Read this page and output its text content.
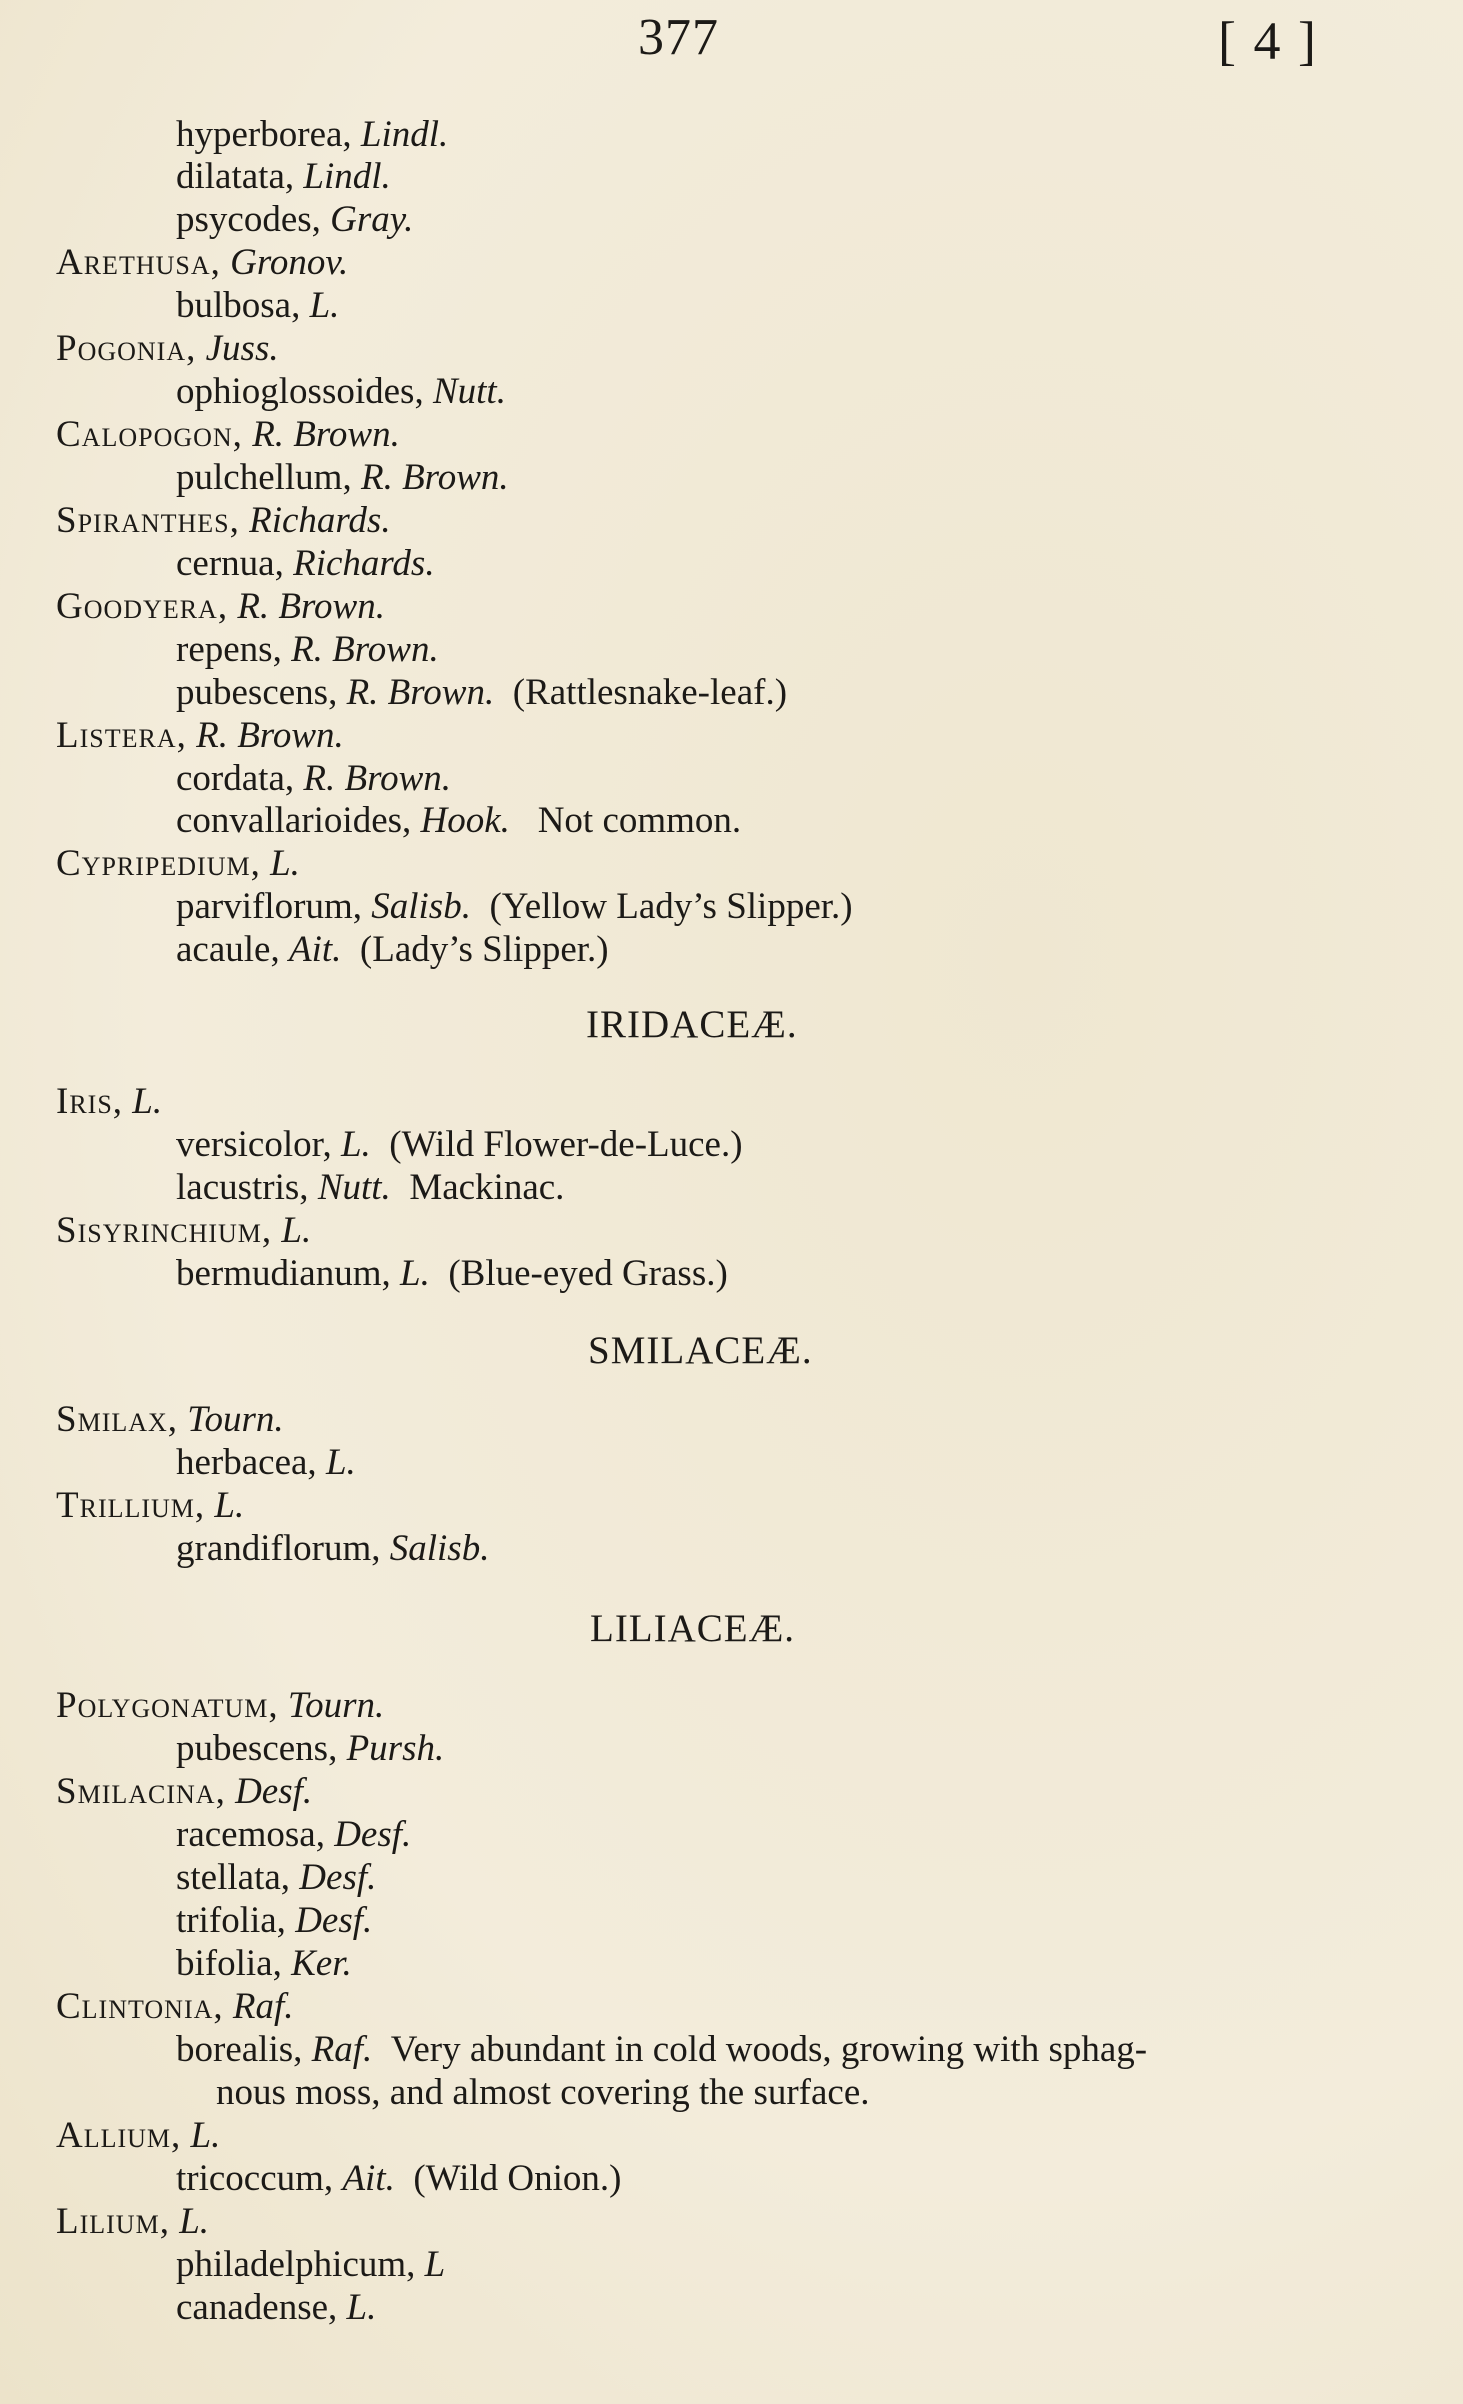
377	[ 4 ]
hyperborea, Lindl.
dilatata, Lindl.
psycodes, Gray.
Arethusa, Gronov.
bulbosa, L.
Pogonia, Juss.
ophioglossoides, Nutt.
Calopogon, R. Brown.
pulchellum, R. Brown.
Spiranthes, Richards.
cernua, Richards.
Goodyera, R. Brown.
repens, R. Brown.
pubescens, R. Brown. (Rattlesnake-leaf.)
Listera, R. Brown.
cordata, R. Brown.
convallarioides, Hook. Not common.
Cypripedium, L.
parviflorum, Salisb. (Yellow Lady’s Slipper.)
acaule, Ait. (Lady’s Slipper.)
IRIDACEÆ.
Iris, L.
versicolor, L. (Wild Flower-de-Luce.)
lacustris, Nutt. Mackinac.
Sisyrinchium, L.
bermudianum, L. (Blue-eyed Grass.)
SMILACEÆ.
Smilax, Tourn.
herbacea, L.
Trillium, L.
grandiflorum, Salisb.
LILIACEÆ.
Polygonatum, Tourn.
pubescens, Pursh.
Smilacina, Desf.
racemosa, Desf.
stellata, Desf.
trifolia, Desf.
bifolia, Ker.
Clintonia, Raf.
borealis, Raf. Very abundant in cold woods, growing with sphag-
nous moss, and almost covering the surface.
Allium, L.
tricoccum, Ait. (Wild Onion.)
Lilium, L.
philadelphicum, L
canadense, L.
